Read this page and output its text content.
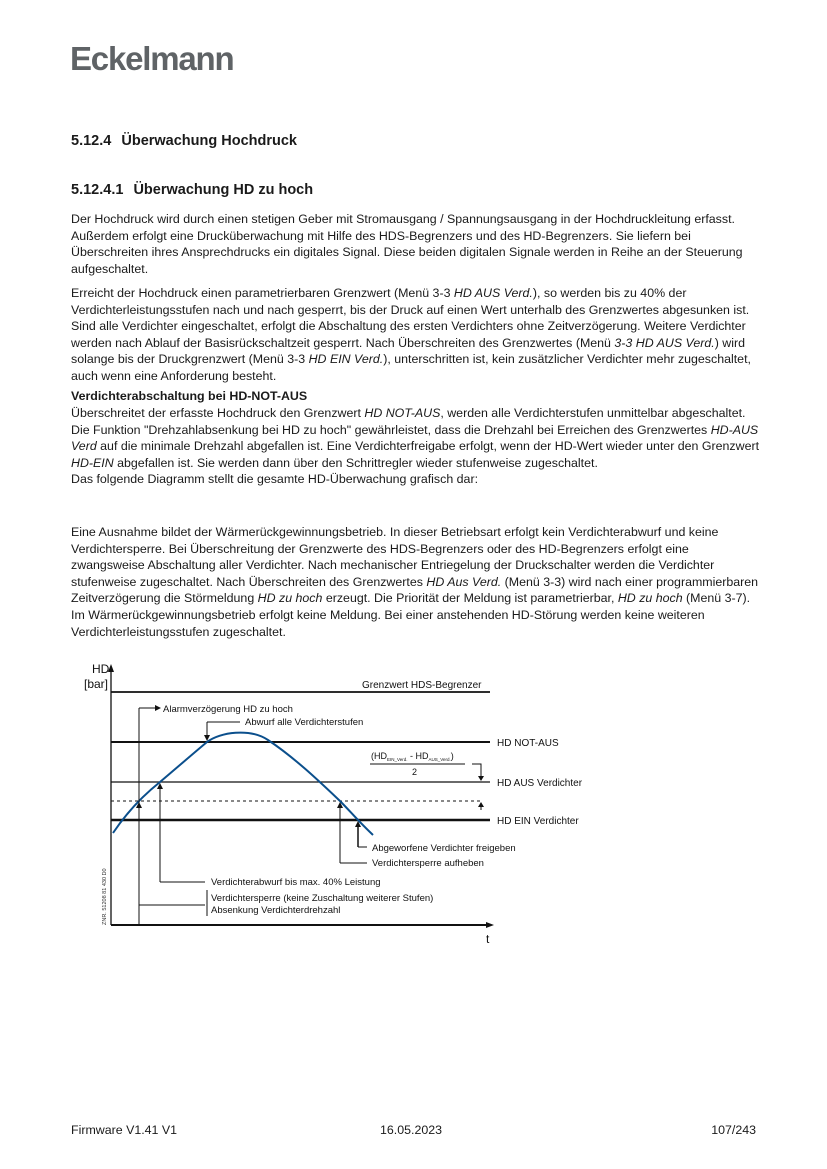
Eckelmann
5.12.4 Überwachung Hochdruck
5.12.4.1 Überwachung HD zu hoch
Der Hochdruck wird durch einen stetigen Geber mit Stromausgang / Spannungsausgang in der Hochdruckleitung erfasst. Außerdem erfolgt eine Drucküberwachung mit Hilfe des HDS-Begrenzers und des HD-Begrenzers. Sie liefern bei Überschreiten ihres Ansprechdrucks ein digitales Signal. Diese beiden digitalen Signale werden in Reihe an der Steuerung aufgeschaltet.
Erreicht der Hochdruck einen parametrierbaren Grenzwert (Menü 3-3 HD AUS Verd.), so werden bis zu 40% der Verdichterleistungsstufen nach und nach gesperrt, bis der Druck auf einen Wert unterhalb des Grenzwertes abgesunken ist. Sind alle Verdichter eingeschaltet, erfolgt die Abschaltung des ersten Verdichters ohne Zeitverzögerung. Weitere Verdichter werden nach Ablauf der Basisrückschaltzeit gesperrt. Nach Überschreiten des Grenzwertes (Menü 3-3 HD AUS Verd.) wird solange bis der Druckgrenzwert (Menü 3-3 HD EIN Verd.), unterschritten ist, kein zusätzlicher Verdichter mehr zugeschaltet, auch wenn eine Anforderung besteht.
Verdichterabschaltung bei HD-NOT-AUS
Überschreitet der erfasste Hochdruck den Grenzwert HD NOT-AUS, werden alle Verdichterstufen unmittelbar abgeschaltet. Die Funktion "Drehzahlabsenkung bei HD zu hoch" gewährleistet, dass die Drehzahl bei Erreichen des Grenzwertes HD-AUS Verd auf die minimale Drehzahl abgefallen ist. Eine Verdichterfreigabe erfolgt, wenn der HD-Wert wieder unter den Grenzwert HD-EIN abgefallen ist. Sie werden dann über den Schrittregler wieder stufenweise zugeschaltet.
Das folgende Diagramm stellt die gesamte HD-Überwachung grafisch dar:
Eine Ausnahme bildet der Wärmerückgewinnungsbetrieb. In dieser Betriebsart erfolgt kein Verdichterabwurf und keine Verdichtersperre. Bei Überschreitung der Grenzwerte des HDS-Begrenzers oder des HD-Begrenzers erfolgt eine zwangsweise Abschaltung aller Verdichter. Nach mechanischer Entriegelung der Druckschalter werden die Verdichter stufenweise zugeschaltet. Nach Überschreiten des Grenzwertes HD Aus Verd. (Menü 3-3) wird nach einer programmierbaren Zeitverzögerung die Störmeldung HD zu hoch erzeugt. Die Priorität der Meldung ist parametrierbar, HD zu hoch (Menü 3-7). Im Wärmerückgewinnungsbetrieb erfolgt keine Meldung. Bei einer anstehenden HD-Störung werden keine weiteren Verdichterleistungsstufen zugeschaltet.
HD
[bar]
t
Grenzwert HDS-Begrenzer
HD NOT-AUS
HD AUS Verdichter
HD EIN Verdichter
$(HD_{EIN\_Verd.} - HD_{AUS\_Verd.})$
2
Alarmverzögerung HD zu hoch
Abwurf alle Verdichterstufen
Verdichtersperre (keine Zuschaltung weiterer Stufen)
Absenkung Verdichterdrehzahl
Verdichterabwurf bis max. 40% Leistung
Verdichtersperre aufheben
Abgeworfene Verdichter freigeben
ZNR. 51208 81 430 D0
Firmware V1.41 V1	16.05.2023	107/243
